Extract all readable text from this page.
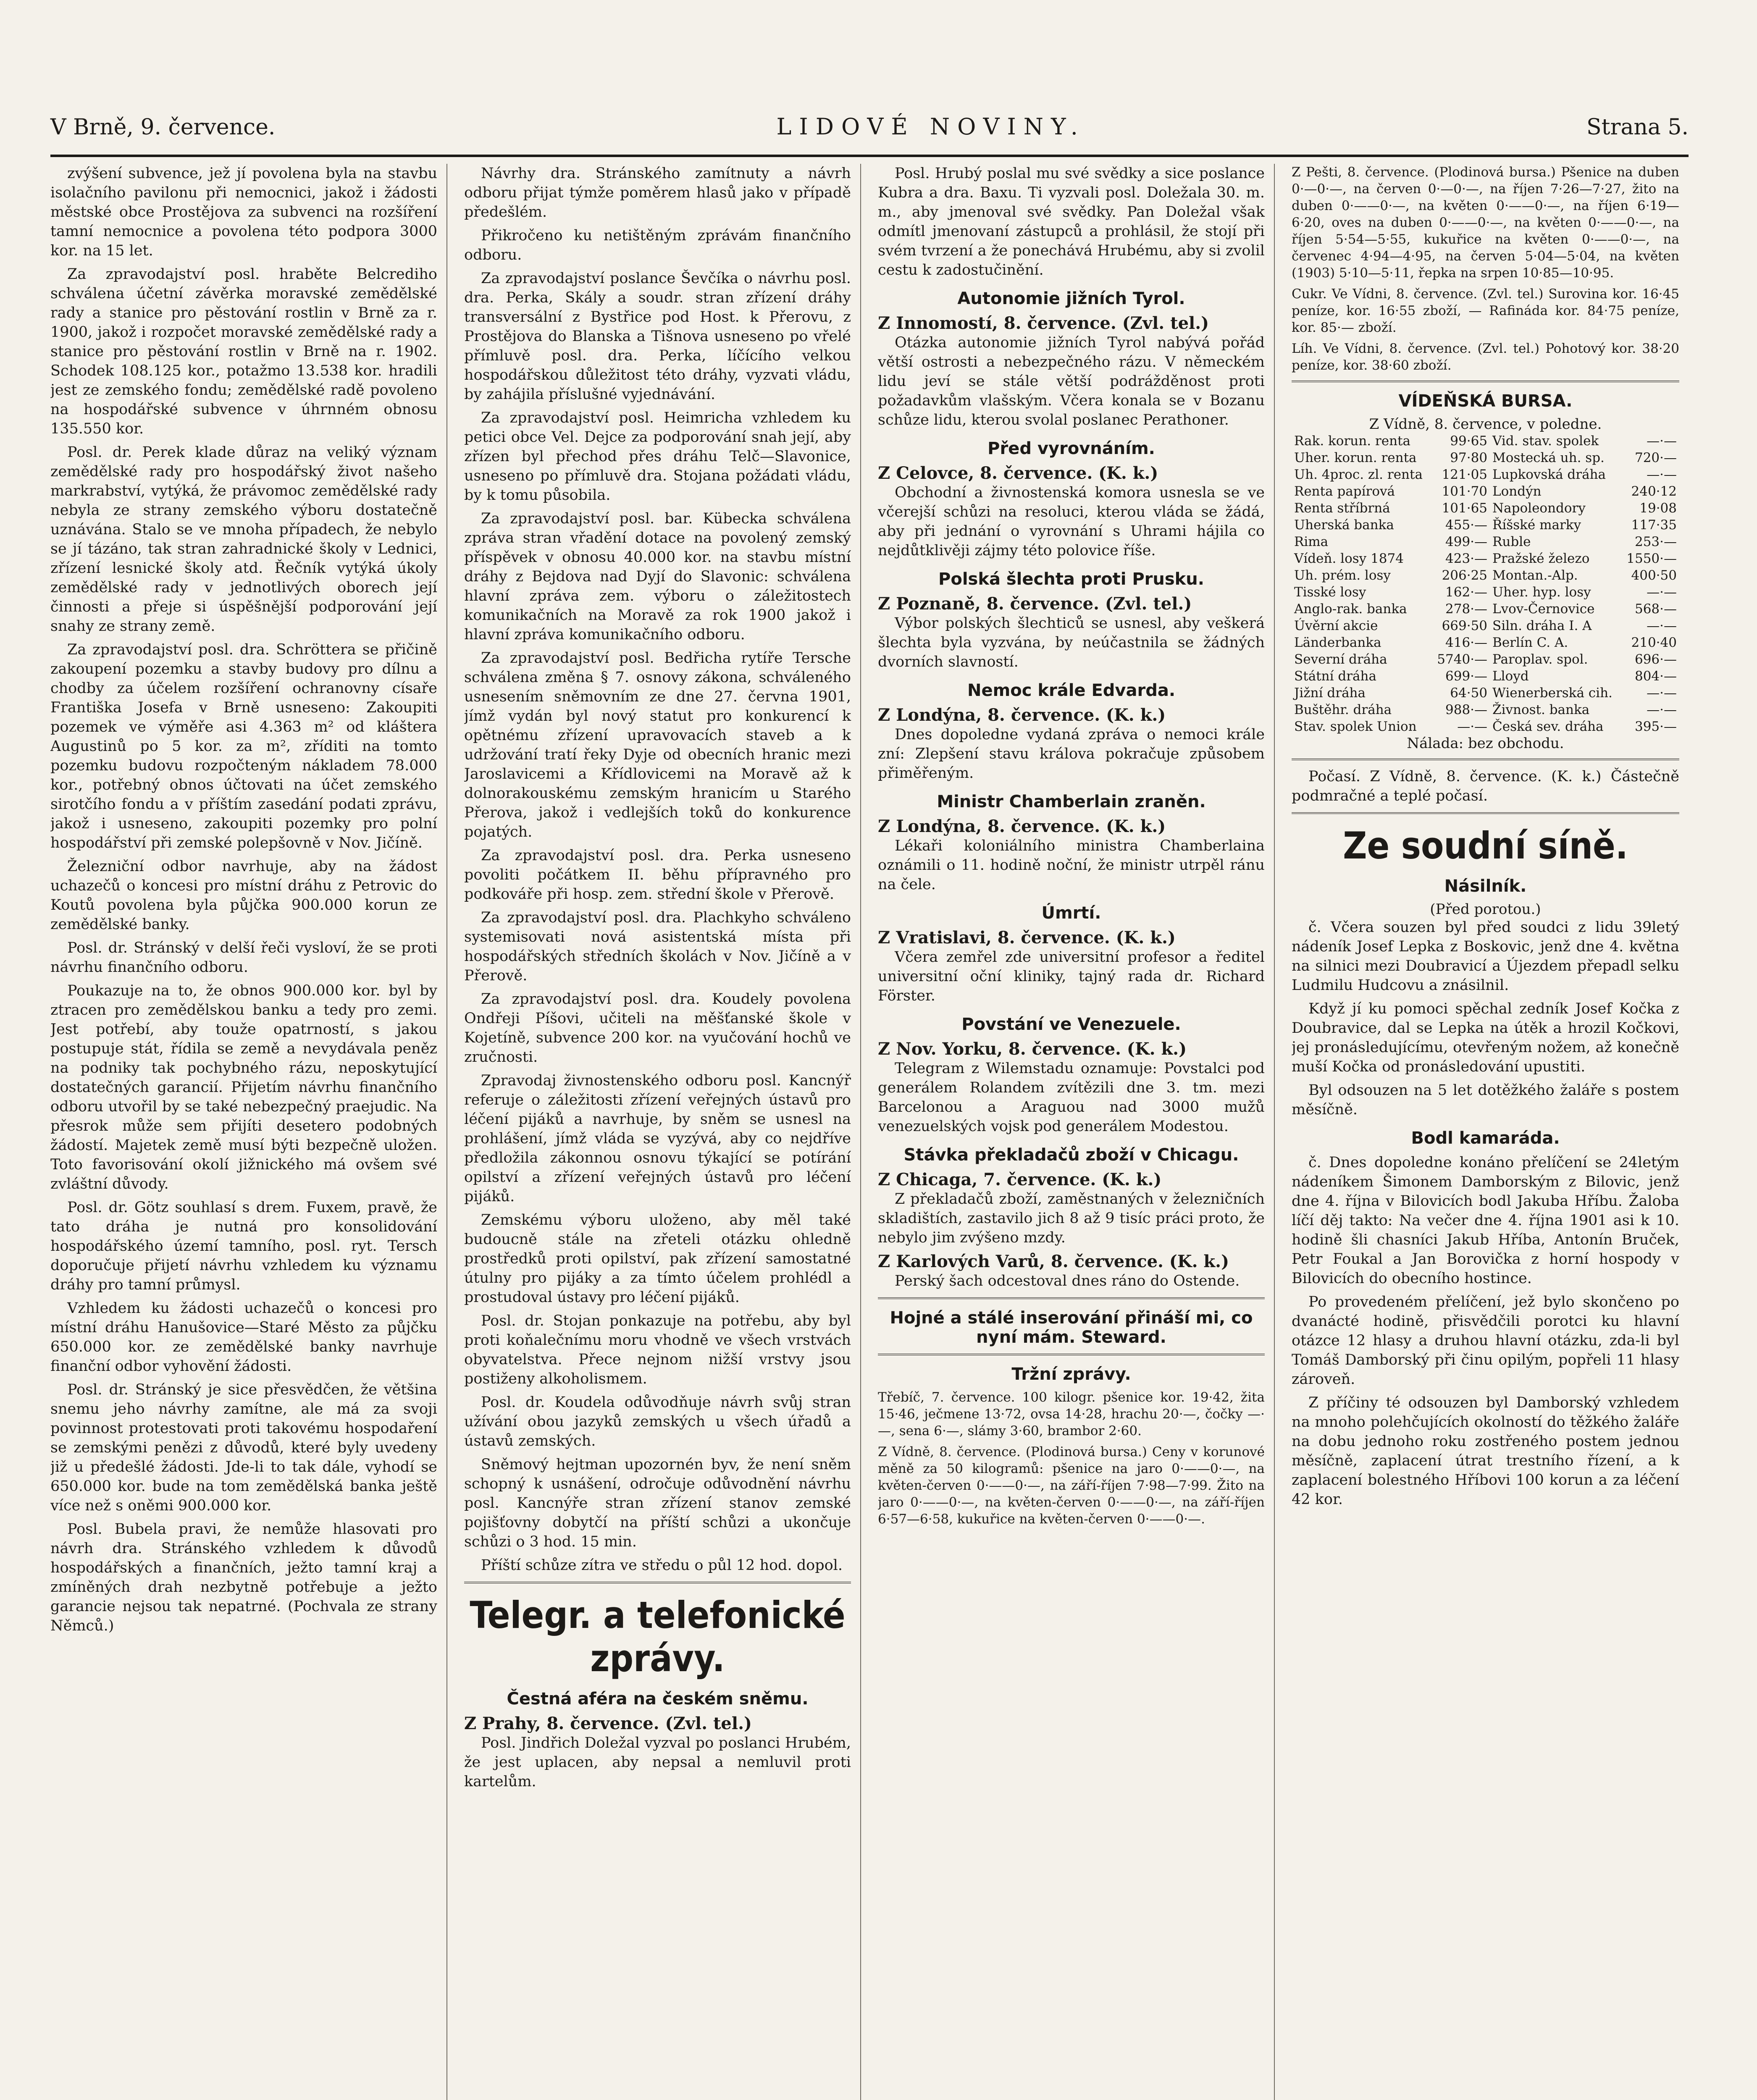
V Brně, 9. července.	LIDOVÉ NOVINY.	Strana 5.

zvýšení subvence, jež jí povolena byla na stavbu isolačního pavilonu při nemocnici, jakož i žádosti městské obce Prostějova za subvenci na rozšíření tamní nemocnice a povolena této podpora 3000 kor. na 15 let.

Za zpravodajství posl. hraběte Belcrediho schválena účetní závěrka moravské zemědělské rady a stanice pro pěstování rostlin v Brně za r. 1900, jakož i rozpočet moravské zemědělské rady a stanice pro pěstování rostlin v Brně na r. 1902. Schodek 108.125 kor., potažmo 13.538 kor. hradili jest ze zemského fondu; zemědělské radě povoleno na hospodářské subvence v úhrnném obnosu 135.550 kor.

Posl. dr. Perek klade důraz na veliký význam zemědělské rady pro hospodářský život našeho markrabství, vytýká, že právomoc zemědělské rady nebyla ze strany zemského výboru dostatečně uznávána. Stalo se ve mnoha případech, že nebylo se jí tázáno, tak stran zahradnické školy v Lednici, zřízení lesnické školy atd. Řečník vytýká úkoly zemědělské rady v jednotlivých oborech její činnosti a přeje si úspěšnější podporování její snahy ze strany země.

Za zpravodajství posl. dra. Schröttera se přičině zakoupení pozemku a stavby budovy pro dílnu a chodby za účelem rozšíření ochranovny císaře Františka Josefa v Brně usneseno: Zakoupiti pozemek ve výměře asi 4.363 m² od kláštera Augustinů po 5 kor. za m², zříditi na tomto pozemku budovu rozpočteným nákladem 78.000 kor., potřebný obnos účtovati na účet zemského sirotčího fondu a v příštím zasedání podati zprávu, jakož i usneseno, zakoupiti pozemky pro polní hospodářství při zemské polepšovně v Nov. Jičíně.

Železniční odbor navrhuje, aby na žádost uchazečů o koncesi pro místní dráhu z Petrovic do Koutů povolena byla půjčka 900.000 korun ze zemědělské banky.

Posl. dr. Stránský v delší řeči vysloví, že se proti návrhu finančního odboru.

Poukazuje na to, že obnos 900.000 kor. byl by ztracen pro zemědělskou banku a tedy pro zemi. Jest potřebí, aby touže opatrností, s jakou postupuje stát, řídila se země a nevydávala peněz na podniky tak pochybného rázu, neposkytující dostatečných garancií. Přijetím návrhu finančního odboru utvořil by se také nebezpečný praejudic. Na přesrok může sem přijíti desetero podobných žádostí. Majetek země musí býti bezpečně uložen. Toto favorisování okolí jižnického má ovšem své zvláštní důvody.

Posl. dr. Götz souhlasí s drem. Fuxem, pravě, že tato dráha je nutná pro konsolidování hospodářského území tamního, posl. ryt. Tersch doporučuje přijetí návrhu vzhledem ku významu dráhy pro tamní průmysl.

Vzhledem ku žádosti uchazečů o koncesi pro místní dráhu Hanušovice—Staré Město za půjčku 650.000 kor. ze zemědělské banky navrhuje finanční odbor vyhovění žádosti.

Posl. dr. Stránský je sice přesvědčen, že většina snemu jeho návrhy zamítne, ale má za svoji povinnost protestovati proti takovému hospodaření se zemskými penězi z důvodů, které byly uvedeny již u předešlé žádosti. Jde-li to tak dále, vyhodí se 650.000 kor. bude na tom zemědělská banka ještě více než s oněmi 900.000 kor.

Posl. Bubela pravi, že nemůže hlasovati pro návrh dra. Stránského vzhledem k důvodů hospodářských a finančních, ježto tamní kraj a zmíněných drah nezbytně potřebuje a ježto garancie nejsou tak nepatrné. (Pochvala ze strany Němců.)

Návrhy dra. Stránského zamítnuty a návrh odboru přijat týmže poměrem hlasů jako v případě předešlém.

Přikročeno ku netištěným zprávám finančního odboru.

Za zpravodajství poslance Ševčíka o návrhu posl. dra. Perka, Skály a soudr. stran zřízení dráhy transversální z Bystřice pod Host. k Přerovu, z Prostějova do Blanska a Tišnova usneseno po vřelé přímluvě posl. dra. Perka, líčícího velkou hospodářskou důležitost této dráhy, vyzvati vládu, by zahájila příslušné vyjednávání.

Za zpravodajství posl. Heimricha vzhledem ku petici obce Vel. Dejce za podporování snah její, aby zřízen byl přechod přes dráhu Telč—Slavonice, usneseno po přímluvě dra. Stojana požádati vládu, by k tomu působila.

Za zpravodajství posl. bar. Kübecka schválena zpráva stran vřadění dotace na povolený zemský příspěvek v obnosu 40.000 kor. na stavbu místní dráhy z Bejdova nad Dyjí do Slavonic: schválena hlavní zpráva zem. výboru o záležitostech komunikačních na Moravě za rok 1900 jakož i hlavní zpráva komunikačního odboru.

Za zpravodajství posl. Bedřicha rytíře Tersche schválena změna § 7. osnovy zákona, schváleného usnesením sněmovním ze dne 27. června 1901, jímž vydán byl nový statut pro konkurencí k opětnému zřízení upravovacích staveb a k udržování tratí řeky Dyje od obecních hranic mezi Jaroslavicemi a Křídlovicemi na Moravě až k dolnorakouskému zemským hranicím u Starého Přerova, jakož i vedlejších toků do konkurence pojatých.

Za zpravodajství posl. dra. Perka usneseno povoliti počátkem II. běhu přípravného pro podkováře při hosp. zem. střední škole v Přerově.

Za zpravodajství posl. dra. Plachkyho schváleno systemisovati nová asistentská místa při hospodářských středních školách v Nov. Jičíně a v Přerově.

Za zpravodajství posl. dra. Koudely povolena Ondřeji Píšovi, učiteli na měšťanské škole v Kojetíně, subvence 200 kor. na vyučování hochů ve zručnosti.

Zpravodaj živnostenského odboru posl. Kancnýř referuje o záležitosti zřízení veřejných ústavů pro léčení pijáků a navrhuje, by sněm se usnesl na prohlášení, jímž vláda se vyzývá, aby co nejdříve předložila zákonnou osnovu týkající se potírání opilství a zřízení veřejných ústavů pro léčení pijáků.

Zemskému výboru uloženo, aby měl také budoucně stále na zřeteli otázku ohledně prostředků proti opilství, pak zřízení samostatné útulny pro pijáky a za tímto účelem prohlédl a prostudoval ústavy pro léčení pijáků.

Posl. dr. Stojan ponkazuje na potřebu, aby byl proti koňalečnímu moru vhodně ve všech vrstvách obyvatelstva. Přece nejnom nižší vrstvy jsou postiženy alkoholismem.

Posl. dr. Koudela odůvodňuje návrh svůj stran užívání obou jazyků zemských u všech úřadů a ústavů zemských.

Sněmový hejtman upozornén byv, že není sněm schopný k usnášení, odročuje odůvodnění návrhu posl. Kancnýře stran zřízení stanov zemské pojišťovny dobytčí na příští schůzi a ukončuje schůzi o 3 hod. 15 min.

Příští schůze zítra ve středu o půl 12 hod. dopol.

Telegr. a telefonické zprávy.
Čestná aféra na českém sněmu.
Z Prahy, 8. července. (Zvl. tel.)

Posl. Jindřich Doležal vyzval po poslanci Hrubém, že jest uplacen, aby nepsal a nemluvil proti kartelům.

Posl. Hrubý poslal mu své svědky a sice poslance Kubra a dra. Baxu. Ti vyzvali posl. Doležala 30. m. m., aby jmenoval své svědky. Pan Doležal však odmítl jmenovaní zástupců a prohlásil, že stojí při svém tvrzení a že ponechává Hrubému, aby si zvolil cestu k zadostučinění.

Autonomie jižních Tyrol.
Z Innomostí, 8. července. (Zvl. tel.)

Otázka autonomie jižních Tyrol nabývá pořád větší ostrosti a nebezpečného rázu. V německém lidu jeví se stále větší podrážděnost proti požadavkům vlašským. Včera konala se v Bozanu schůze lidu, kterou svolal poslanec Perathoner.

Před vyrovnáním.
Z Celovce, 8. července. (K. k.)

Obchodní a živnostenská komora usnesla se ve včerejší schůzi na resoluci, kterou vláda se žádá, aby při jednání o vyrovnání s Uhrami hájila co nejdůtklivěji zájmy této polovice říše.

Polská šlechta proti Prusku.
Z Poznaně, 8. července. (Zvl. tel.)

Výbor polských šlechticů se usnesl, aby veškerá šlechta byla vyzvána, by neúčastnila se žádných dvorních slavností.

Nemoc krále Edvarda.
Z Londýna, 8. července. (K. k.)

Dnes dopoledne vydaná zpráva o nemoci krále zní: Zlepšení stavu králova pokračuje způsobem přiměřeným.

Ministr Chamberlain zraněn.
Z Londýna, 8. července. (K. k.)

Lékaři koloniálního ministra Chamberlaina oznámili o 11. hodině noční, že ministr utrpěl ránu na čele.

Úmrtí.
Z Vratislavi, 8. července. (K. k.)

Včera zemřel zde universitní profesor a ředitel universitní oční kliniky, tajný rada dr. Richard Förster.

Povstání ve Venezuele.
Z Nov. Yorku, 8. července. (K. k.)

Telegram z Wilemstadu oznamuje: Povstalci pod generálem Rolandem zvítězili dne 3. tm. mezi Barcelonou a Araguou nad 3000 mužů venezuelských vojsk pod generálem Modestou.

Stávka překladačů zboží v Chicagu.
Z Chicaga, 7. července. (K. k.)

Z překladačů zboží, zaměstnaných v železničních skladištích, zastavilo jich 8 až 9 tisíc práci proto, že nebylo jim zvýšeno mzdy.

Z Karlových Varů, 8. července. (K. k.)

Perský šach odcestoval dnes ráno do Ostende.

Hojné a stálé inserování přináší mi, co nyní mám. Steward.
Tržní zprávy.

Třebíč, 7. července. 100 kilogr. pšenice kor. 19·42, žita 15·46, ječmene 13·72, ovsa 14·28, hrachu 20·—, čočky —·—, sena 6·—, slámy 3·60, brambor 2·60.

Z Vídně, 8. července. (Plodinová bursa.) Ceny v korunové měně za 50 kilogramů: pšenice na jaro 0·——0·—, na květen-červen 0·——0·—, na září-říjen 7·98—7·99. Žito na jaro 0·——0·—, na květen-červen 0·——0·—, na září-říjen 6·57—6·58, kukuřice na květen-červen 0·——0·—.

Z Pešti, 8. července. (Plodinová bursa.) Pšenice na duben 0·—0·—, na červen 0·—0·—, na říjen 7·26—7·27, žito na duben 0·——0·—, na květen 0·——0·—, na říjen 6·19—6·20, oves na duben 0·——0·—, na květen 0·——0·—, na říjen 5·54—5·55, kukuřice na květen 0·——0·—, na červenec 4·94—4·95, na červen 5·04—5·04, na květen (1903) 5·10—5·11, řepka na srpen 10·85—10·95.

Cukr. Ve Vídni, 8. července. (Zvl. tel.) Surovina kor. 16·45 peníze, kor. 16·55 zboží, — Rafináda kor. 84·75 peníze, kor. 85·— zboží.

Líh. Ve Vídni, 8. července. (Zvl. tel.) Pohotový kor. 38·20 peníze, kor. 38·60 zboží.

VÍDEŇSKÁ BURSA.
Z Vídně, 8. července, v poledne.
Rak. korun. renta	99·65	Vid. stav. spolek	—·—
Uher. korun. renta	97·80	Mostecká uh. sp.	720·—
Uh. 4proc. zl. renta	121·05	Lupkovská dráha	—·—
Renta papírová	101·70	Londýn	240·12
Renta stříbrná	101·65	Napoleondory	19·08
Uherská banka	455·—	Říšské marky	117·35
Rima	499·—	Ruble	253·—
Vídeň. losy 1874	423·—	Pražské železo	1550·—
Uh. prém. losy	206·25	Montan.-Alp.	400·50
Tisské losy	162·—	Uher. hyp. losy	—·—
Anglo-rak. banka	278·—	Lvov-Černovice	568·—
Úvěrní akcie	669·50	Siln. dráha I. A	—·—
Länderbanka	416·—	Berlín C. A.	210·40
Severní dráha	5740·—	Paroplav. spol.	696·—
Státní dráha	699·—	Lloyd	804·—
Jižní dráha	64·50	Wienerberská cih.	—·—
Buštěhr. dráha	988·—	Živnost. banka	—·—
Stav. spolek Union	—·—	Česká sev. dráha	395·—
Nálada: bez obchodu.

Počasí. Z Vídně, 8. července. (K. k.) Částečně podmračné a teplé počasí.

Ze soudní síně.
Násilník.
(Před porotou.)

č. Včera souzen byl před soudci z lidu 39letý nádeník Josef Lepka z Boskovic, jenž dne 4. května na silnici mezi Doubravicí a Újezdem přepadl selku Ludmilu Hudcovu a znásilnil.

Když jí ku pomoci spěchal zedník Josef Kočka z Doubravice, dal se Lepka na útěk a hrozil Kočkovi, jej pronásledujícímu, otevřeným nožem, až konečně muší Kočka od pronásledování upustiti.

Byl odsouzen na 5 let dotěžkého žaláře s postem měsíčně.

Bodl kamaráda.

č. Dnes dopoledne konáno přelíčení se 24letým nádeníkem Šimonem Damborským z Bilovic, jenž dne 4. října v Bilovicích bodl Jakuba Hříbu. Žaloba líčí děj takto: Na večer dne 4. října 1901 asi k 10. hodině šli chasníci Jakub Hříba, Antonín Bruček, Petr Foukal a Jan Borovička z horní hospody v Bilovicích do obecního hostince.

Po provedeném přelíčení, jež bylo skončeno po dvanácté hodině, přisvědčili porotci ku hlavní otázce 12 hlasy a druhou hlavní otázku, zda-li byl Tomáš Damborský při činu opilým, popřeli 11 hlasy zároveň.

Z příčiny té odsouzen byl Damborský vzhledem na mnoho polehčujících okolností do těžkého žaláře na dobu jednoho roku zostřeného postem jednou měsíčně, zaplacení útrat trestního řízení, a k zaplacení bolestného Hříbovi 100 korun a za léčení 42 kor.
